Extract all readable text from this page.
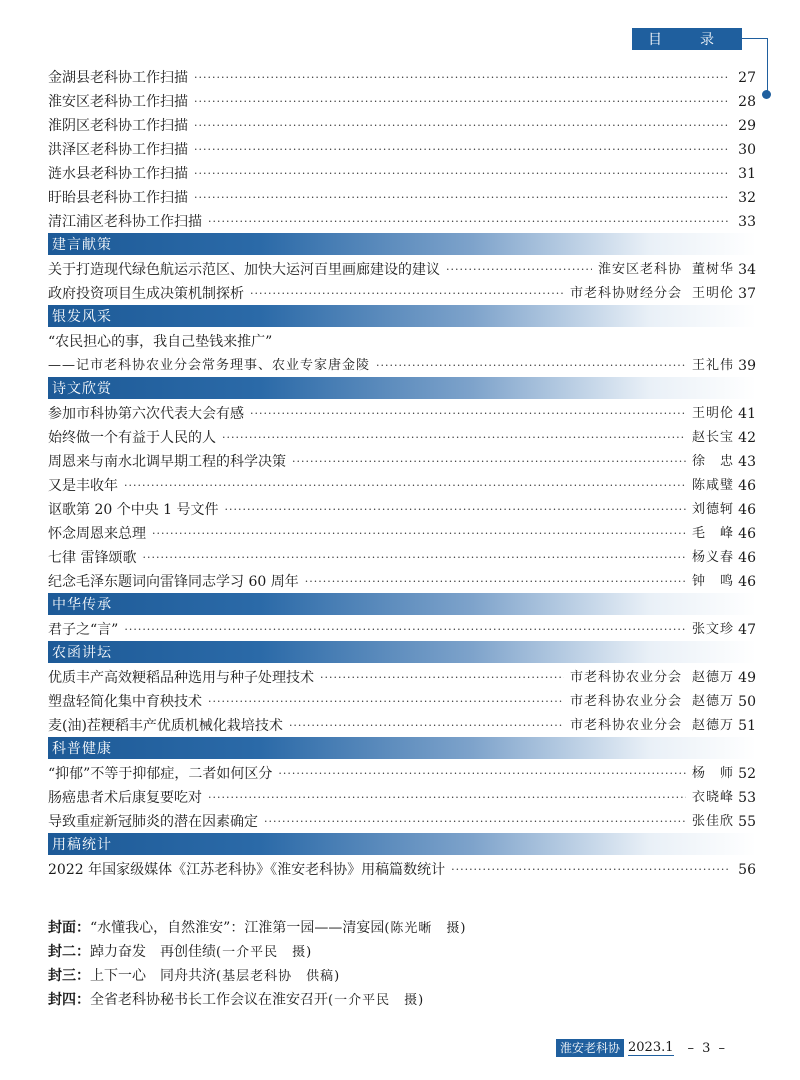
目　录
金湖县老科协工作扫描 ·····	27
淮安区老科协工作扫描 ·····	28
淮阴区老科协工作扫描 ·····	29
洪泽区老科协工作扫描 ·····	30
涟水县老科协工作扫描 ·····	31
盱眙县老科协工作扫描 ·····	32
清江浦区老科协工作扫描 ·····	33
建言献策
关于打造现代绿色航运示范区、加快大运河百里画廊建设的建议 ·····	淮安区老科协 董树华 34
政府投资项目生成决策机制探析 ·····	市老科协财经分会 王明伦 37
银发风采
“农民担心的事，我自己垫钱来推广”
——记市老科协农业分会常务理事、农业专家唐金陵 ·····	王礼伟 39
诗文欣赏
参加市科协第六次代表大会有感 ·····	王明伦 41
始终做一个有益于人民的人 ·····	赵长宝 42
周恩来与南水北调早期工程的科学决策 ·····	徐　忠 43
又是丰收年 ·····	陈咸璧 46
讴歌第 20 个中央 1 号文件 ·····	刘德轲 46
怀念周恩来总理 ·····	毛　峰 46
七律 雷锋颂歌 ·····	杨义春 46
纪念毛泽东题词向雷锋同志学习 60 周年 ·····	钟　鸣 46
中华传承
君子之“言” ·····	张文珍 47
农函讲坛
优质丰产高效粳稻品种选用与种子处理技术 ·····	市老科协农业分会 赵德万 49
塑盘轻简化集中育秧技术 ·····	市老科协农业分会 赵德万 50
麦(油)茬粳稻丰产优质机械化栽培技术 ·····	市老科协农业分会 赵德万 51
科普健康
“抑郁”不等于抑郁症，二者如何区分 ·····	杨　师 52
肠癌患者术后康复要吃对 ·····	衣晓峰 53
导致重症新冠肺炎的潜在因素确定 ·····	张佳欣 55
用稿统计
2022 年国家级媒体《江苏老科协》《淮安老科协》用稿篇数统计 ·····	56
封面：“水懂我心，自然淮安”：江淮第一园——清宴园(陈光晰　摄)
封二：踔力奋发　再创佳绩(一介平民　摄)
封三：上下一心　同舟共济(基层老科协　供稿)
封四：全省老科协秘书长工作会议在淮安召开(一介平民　摄)
淮安老科协 2023.1 – 3 –
